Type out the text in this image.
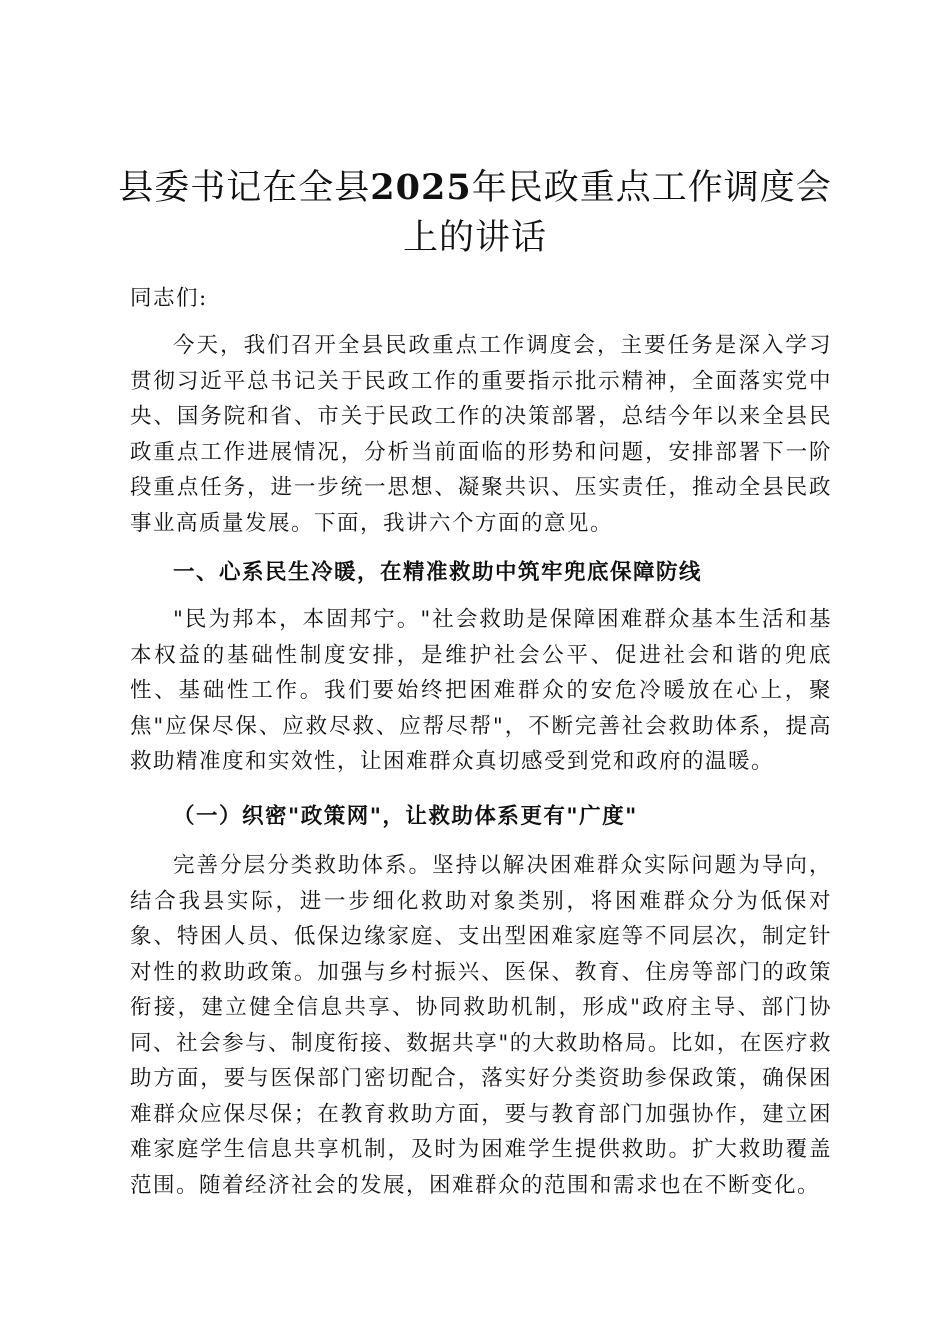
县委书记在全县2025年民政重点工作调度会
上的讲话

同志们:

今天，我们召开全县民政重点工作调度会，主要任务是深入学习贯彻习近平总书记关于民政工作的重要指示批示精神，全面落实党中央、国务院和省、市关于民政工作的决策部署，总结今年以来全县民政重点工作进展情况，分析当前面临的形势和问题，安排部署下一阶段重点任务，进一步统一思想、凝聚共识、压实责任，推动全县民政事业高质量发展。下面，我讲六个方面的意见。

一、心系民生冷暖，在精准救助中筑牢兜底保障防线

"民为邦本，本固邦宁。"社会救助是保障困难群众基本生活和基本权益的基础性制度安排，是维护社会公平、促进社会和谐的兜底性、基础性工作。我们要始终把困难群众的安危冷暖放在心上，聚焦"应保尽保、应救尽救、应帮尽帮"，不断完善社会救助体系，提高救助精准度和实效性，让困难群众真切感受到党和政府的温暖。

（一）织密"政策网"，让救助体系更有"广度"

完善分层分类救助体系。坚持以解决困难群众实际问题为导向，结合我县实际，进一步细化救助对象类别，将困难群众分为低保对象、特困人员、低保边缘家庭、支出型困难家庭等不同层次，制定针对性的救助政策。加强与乡村振兴、医保、教育、住房等部门的政策衔接，建立健全信息共享、协同救助机制，形成"政府主导、部门协同、社会参与、制度衔接、数据共享"的大救助格局。比如，在医疗救助方面，要与医保部门密切配合，落实好分类资助参保政策，确保困难群众应保尽保；在教育救助方面，要与教育部门加强协作，建立困难家庭学生信息共享机制，及时为困难学生提供救助。扩大救助覆盖范围。随着经济社会的发展，困难群众的范围和需求也在不断变化。
